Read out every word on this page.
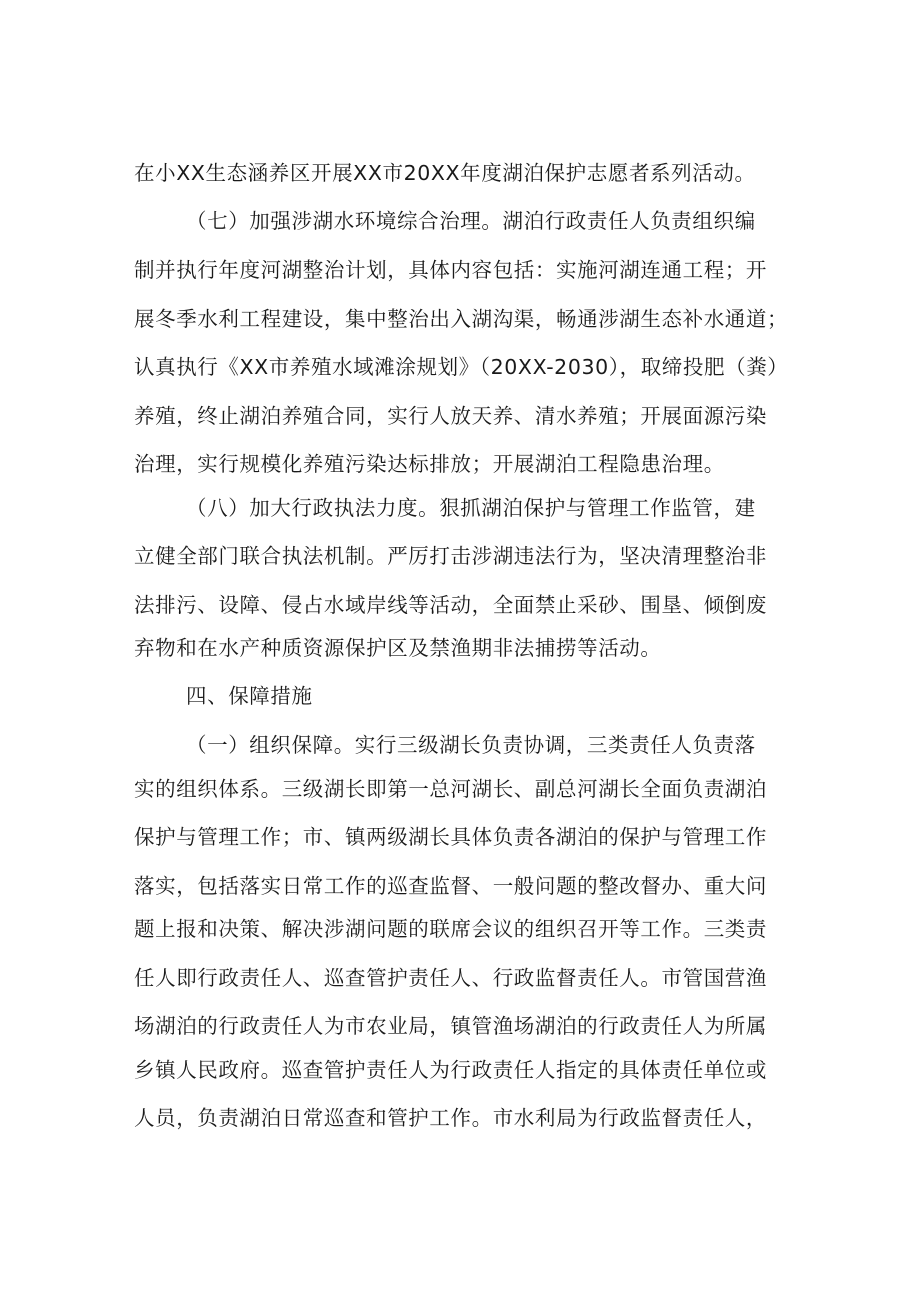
在小XX生态涵养区开展XX市20XX年度湖泊保护志愿者系列活动。
（七）加强涉湖水环境综合治理。湖泊行政责任人负责组织编
制并执行年度河湖整治计划，具体内容包括：实施河湖连通工程；开
展冬季水利工程建设，集中整治出入湖沟渠，畅通涉湖生态补水通道；
认真执行《XX市养殖水域滩涂规划》（20XX-2030），取缔投肥（粪）
养殖，终止湖泊养殖合同，实行人放天养、清水养殖；开展面源污染
治理，实行规模化养殖污染达标排放；开展湖泊工程隐患治理。
（八）加大行政执法力度。狠抓湖泊保护与管理工作监管，建
立健全部门联合执法机制。严厉打击涉湖违法行为，坚决清理整治非
法排污、设障、侵占水域岸线等活动，全面禁止采砂、围垦、倾倒废
弃物和在水产种质资源保护区及禁渔期非法捕捞等活动。
四、保障措施
（一）组织保障。实行三级湖长负责协调，三类责任人负责落
实的组织体系。三级湖长即第一总河湖长、副总河湖长全面负责湖泊
保护与管理工作；市、镇两级湖长具体负责各湖泊的保护与管理工作
落实，包括落实日常工作的巡查监督、一般问题的整改督办、重大问
题上报和决策、解决涉湖问题的联席会议的组织召开等工作。三类责
任人即行政责任人、巡查管护责任人、行政监督责任人。市管国营渔
场湖泊的行政责任人为市农业局，镇管渔场湖泊的行政责任人为所属
乡镇人民政府。巡查管护责任人为行政责任人指定的具体责任单位或
人员，负责湖泊日常巡查和管护工作。市水利局为行政监督责任人，
